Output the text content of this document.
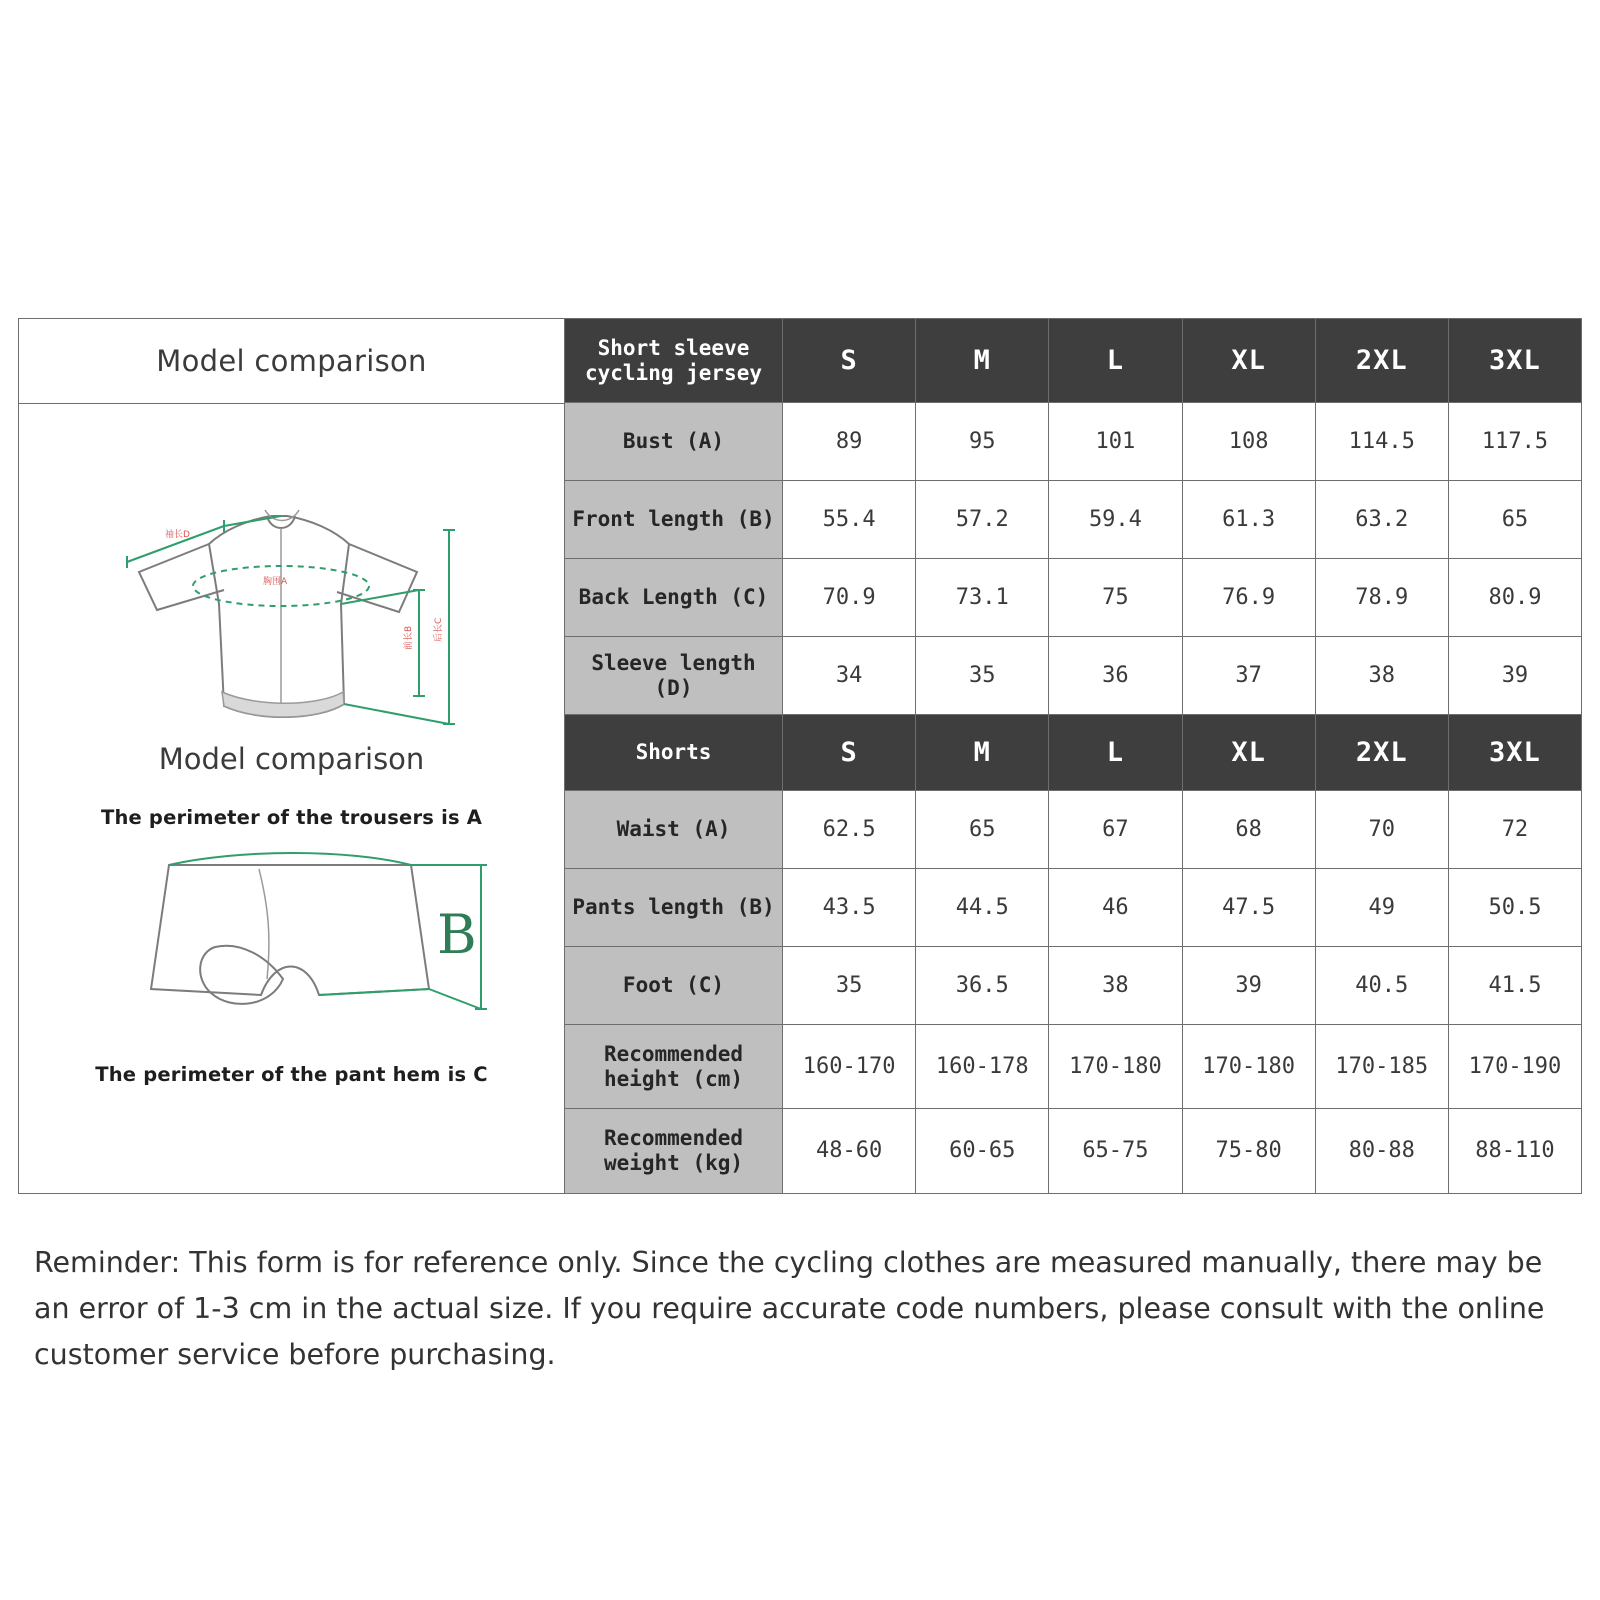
Model comparison
袖长D
胸围A
前长B 后长C
Model comparison
The perimeter of the trousers is A
B
The perimeter of the pant hem is C
Short sleeve cycling jersey	S	M	L	XL	2XL	3XL
Bust (A)	89	95	101	108	114.5	117.5
Front length (B)	55.4	57.2	59.4	61.3	63.2	65
Back Length (C)	70.9	73.1	75	76.9	78.9	80.9
Sleeve length (D)	34	35	36	37	38	39
Shorts	S	M	L	XL	2XL	3XL
Waist (A)	62.5	65	67	68	70	72
Pants length (B)	43.5	44.5	46	47.5	49	50.5
Foot (C)	35	36.5	38	39	40.5	41.5
Recommended
height (cm)	160-170	160-178	170-180	170-180	170-185	170-190
Recommended
weight (kg)	48-60	60-65	65-75	75-80	80-88	88-110
Reminder: This form is for reference only. Since the cycling clothes are measured manually, there may be an error of 1-3 cm in the actual size. If you require accurate code numbers, please consult with the online customer service before purchasing.
